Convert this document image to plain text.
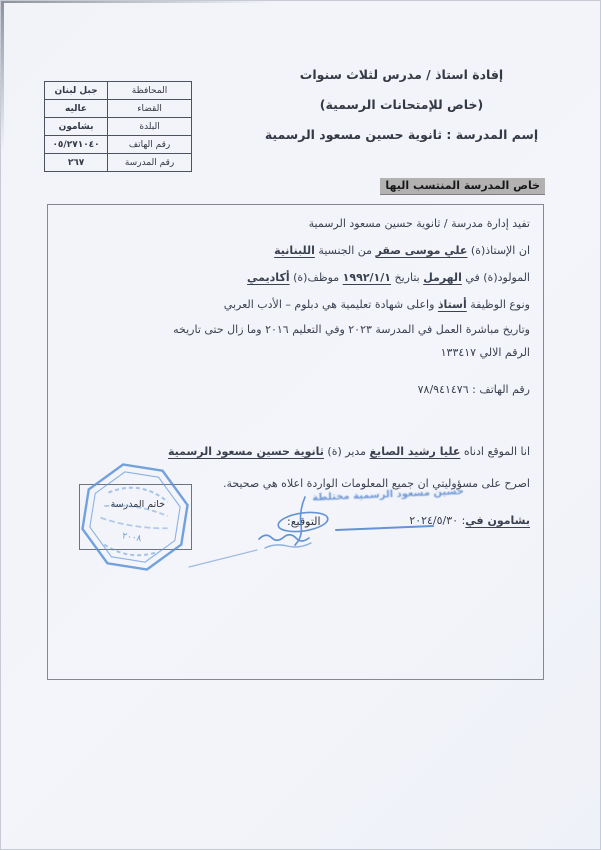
المحافظة	جبل لبنان
القضاء	عاليه
البلدة	بشامون
رقم الهاتف	٠٥/٢٧١٠٤٠
رقم المدرسة	٢٦٧
إفادة استاذ / مدرس لثلاث سنوات
(خاص للإمتحانات الرسمية)
إسم المدرسة : ثانوية حسين مسعود الرسمية
خاص المدرسة المنتسب اليها
تفيد إدارة مدرسة / ثانوية حسين مسعود الرسمية
ان الإستاذ(ة) علي موسى صقر من الجنسية اللبنانية
المولود(ة) في الهرمل بتاريخ ١٩٩٢/١/١ موظف(ة) أكاديمي
ونوع الوظيفة أستاذ واعلى شهادة تعليمية هي دبلوم – الأدب العربي
وتاريخ مباشرة العمل في المدرسة ٢٠٢٣ وفي التعليم ٢٠١٦ وما زال حتى تاريخه
الرقم الالي ١٣٣٤١٧
رقم الهاتف : ٧٨/٩٤١٤٧٦
انا الموقع ادناه عليا رشيد الصايغ مدير (ة) ثانوية حسين مسعود الرسمية
اصرح على مسؤوليتي ان جميع المعلومات الواردة اعلاه هي صحيحة.
بشامون في: ٢٠٢٤/٥/٣٠
خاتم المدرسة
٢٠٠٨
حسين مسعود الرسمية مختلطة
التوقيع:
